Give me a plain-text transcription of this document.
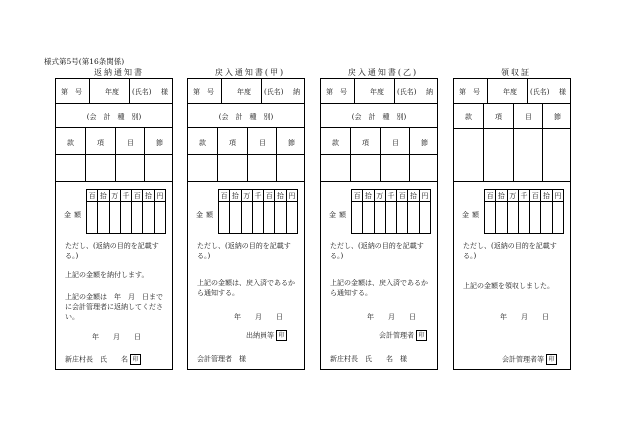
様式第5号(第16条関係)
返納通知書
第　号	年度 (氏名) 様
(会　計　種　別)
款	項	目	節
金額
百 拾 万 千 百 拾 円
ただし、(返納の目的を記載する。)
上記の金額を納付します。
上記の金額は　年　月　日までに会計管理者に返納してください。
年　　月　　日
新庄村長　氏　　名 印
戻入通知書(甲)
第　号	年度 (氏名) 納
(会　計　種　別)
款	項	目	節
金額
百 拾 万 千 百 拾 円
ただし、(返納の目的を記載する。)
上記の金額は、戻入済であるから通知する。
年　　月　　日
出納員等 印
会計管理者　様
戻入通知書(乙)
第　号	年度 (氏名) 納
(会　計　種　別)
款	項	目	節
金額
百 拾 万 千 百 拾 円
ただし、(返納の目的を記載する。)
上記の金額は、戻入済であるから通知する。
年　　月　　日
会計管理者 印
新庄村長　氏　　名　様
領収証
第　号	年度 (氏名) 様
款	項	目	節
金額
百 拾 万 千 百 拾 円
ただし、(返納の目的を記載する。)
上記の金額を領収しました。
年　　月　　日
会計管理者等 印
